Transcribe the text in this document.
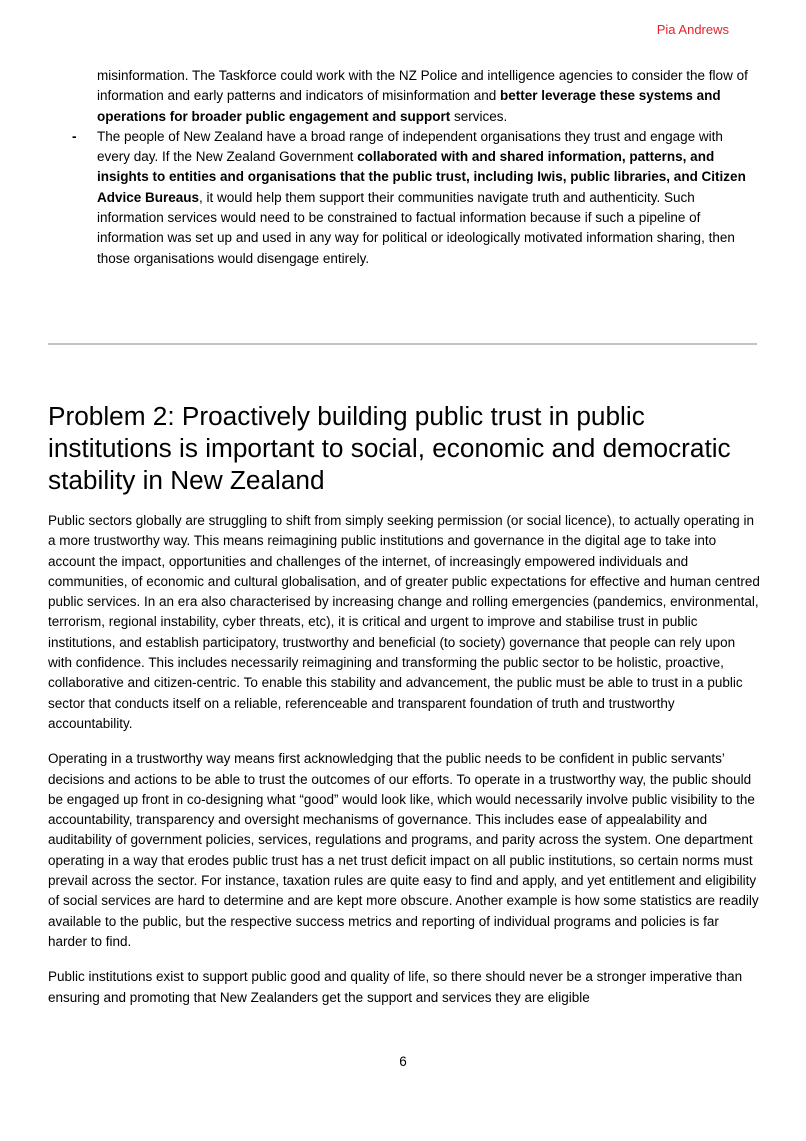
Pia Andrews
misinformation. The Taskforce could work with the NZ Police and intelligence agencies to consider the flow of information and early patterns and indicators of misinformation and better leverage these systems and operations for broader public engagement and support services.
- The people of New Zealand have a broad range of independent organisations they trust and engage with every day. If the New Zealand Government collaborated with and shared information, patterns, and insights to entities and organisations that the public trust, including Iwis, public libraries, and Citizen Advice Bureaus, it would help them support their communities navigate truth and authenticity. Such information services would need to be constrained to factual information because if such a pipeline of information was set up and used in any way for political or ideologically motivated information sharing, then those organisations would disengage entirely.
Problem 2: Proactively building public trust in public institutions is important to social, economic and democratic stability in New Zealand

Public sectors globally are struggling to shift from simply seeking permission (or social licence), to actually operating in a more trustworthy way. This means reimagining public institutions and governance in the digital age to take into account the impact, opportunities and challenges of the internet, of increasingly empowered individuals and communities, of economic and cultural globalisation, and of greater public expectations for effective and human centred public services. In an era also characterised by increasing change and rolling emergencies (pandemics, environmental, terrorism, regional instability, cyber threats, etc), it is critical and urgent to improve and stabilise trust in public institutions, and establish participatory, trustworthy and beneficial (to society) governance that people can rely upon with confidence. This includes necessarily reimagining and transforming the public sector to be holistic, proactive, collaborative and citizen-centric. To enable this stability and advancement, the public must be able to trust in a public sector that conducts itself on a reliable, referenceable and transparent foundation of truth and trustworthy accountability.

Operating in a trustworthy way means first acknowledging that the public needs to be confident in public servants’ decisions and actions to be able to trust the outcomes of our efforts. To operate in a trustworthy way, the public should be engaged up front in co-designing what “good” would look like, which would necessarily involve public visibility to the accountability, transparency and oversight mechanisms of governance. This includes ease of appealability and auditability of government policies, services, regulations and programs, and parity across the system. One department operating in a way that erodes public trust has a net trust deficit impact on all public institutions, so certain norms must prevail across the sector. For instance, taxation rules are quite easy to find and apply, and yet entitlement and eligibility of social services are hard to determine and are kept more obscure. Another example is how some statistics are readily available to the public, but the respective success metrics and reporting of individual programs and policies is far harder to find.

Public institutions exist to support public good and quality of life, so there should never be a stronger imperative than ensuring and promoting that New Zealanders get the support and services they are eligible

6
